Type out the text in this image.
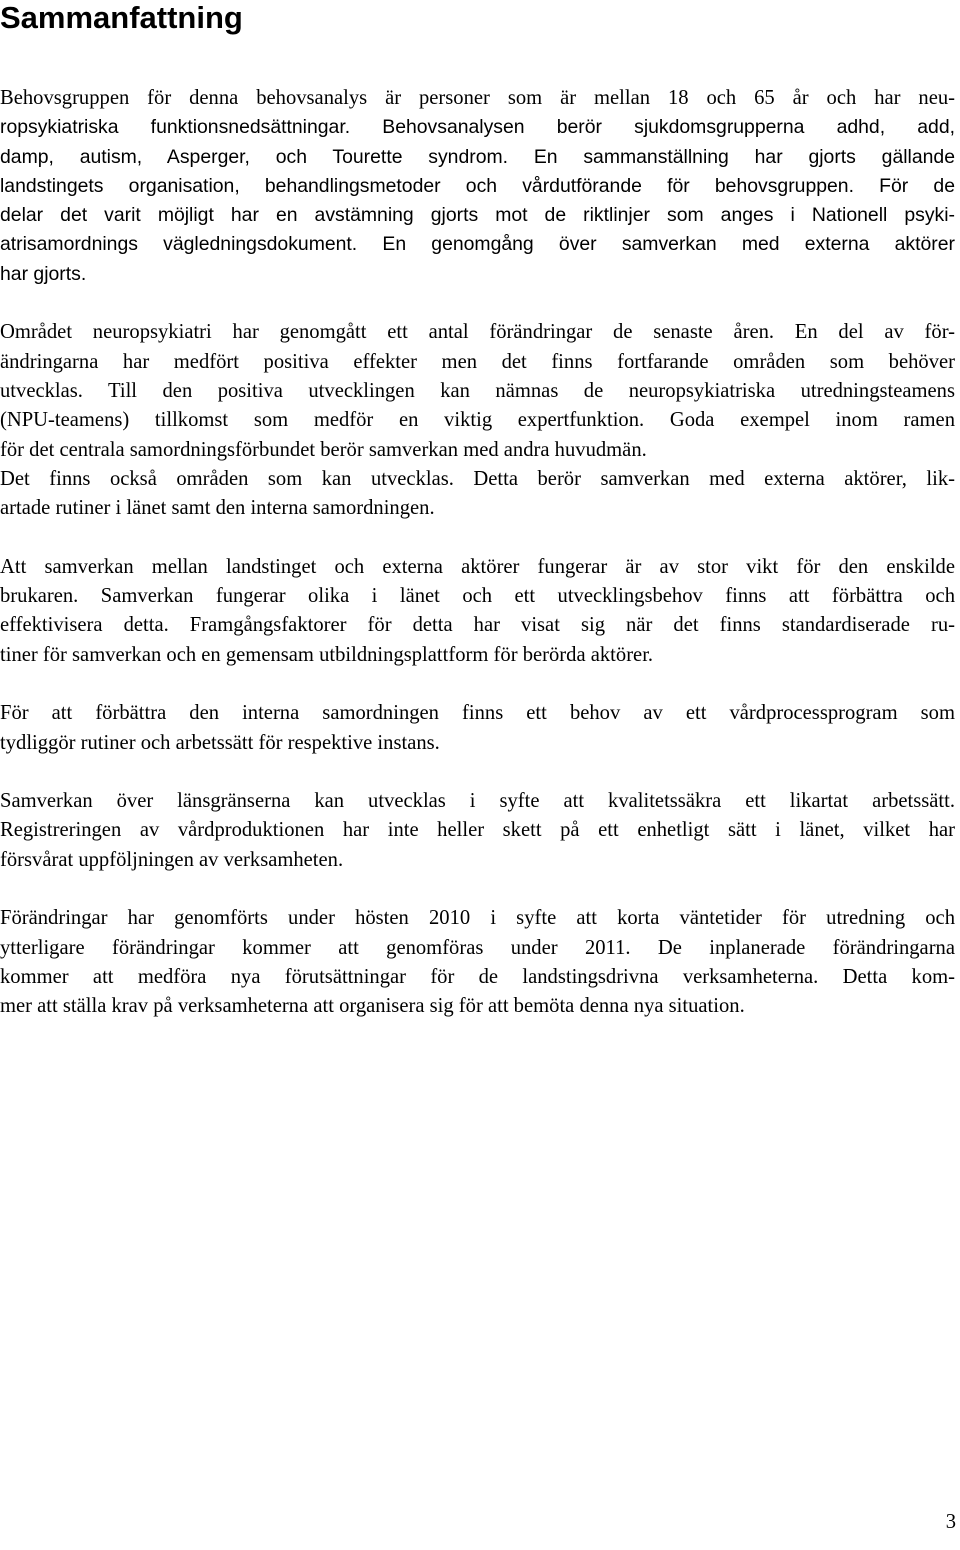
Sammanfattning

Behovsgruppen för denna behovsanalys är personer som är mellan 18 och 65 år och har neu-
ropsykiatriska funktionsnedsättningar. Behovsanalysen berör sjukdomsgrupperna adhd, add,
damp, autism, Asperger, och Tourette syndrom. En sammanställning har gjorts gällande
landstingets organisation, behandlingsmetoder och vårdutförande för behovsgruppen. För de
delar det varit möjligt har en avstämning gjorts mot de riktlinjer som anges i Nationell psyki-
atrisamordnings vägledningsdokument. En genomgång över samverkan med externa aktörer
har gjorts.

Området neuropsykiatri har genomgått ett antal förändringar de senaste åren. En del av för-
ändringarna har medfört positiva effekter men det finns fortfarande områden som behöver
utvecklas. Till den positiva utvecklingen kan nämnas de neuropsykiatriska utredningsteamens
(NPU-teamens) tillkomst som medför en viktig expertfunktion. Goda exempel inom ramen
för det centrala samordningsförbundet berör samverkan med andra huvudmän.

Det finns också områden som kan utvecklas. Detta berör samverkan med externa aktörer, lik-
artade rutiner i länet samt den interna samordningen.

Att samverkan mellan landstinget och externa aktörer fungerar är av stor vikt för den enskilde
brukaren. Samverkan fungerar olika i länet och ett utvecklingsbehov finns att förbättra och
effektivisera detta. Framgångsfaktorer för detta har visat sig när det finns standardiserade ru-
tiner för samverkan och en gemensam utbildningsplattform för berörda aktörer.

För att förbättra den interna samordningen finns ett behov av ett vårdprocessprogram som
tydliggör rutiner och arbetssätt för respektive instans.

Samverkan över länsgränserna kan utvecklas i syfte att kvalitetssäkra ett likartat arbetssätt.
Registreringen av vårdproduktionen har inte heller skett på ett enhetligt sätt i länet, vilket har
försvårat uppföljningen av verksamheten.

Förändringar har genomförts under hösten 2010 i syfte att korta väntetider för utredning och
ytterligare förändringar kommer att genomföras under 2011. De inplanerade förändringarna
kommer att medföra nya förutsättningar för de landstingsdrivna verksamheterna. Detta kom-
mer att ställa krav på verksamheterna att organisera sig för att bemöta denna nya situation.

3
